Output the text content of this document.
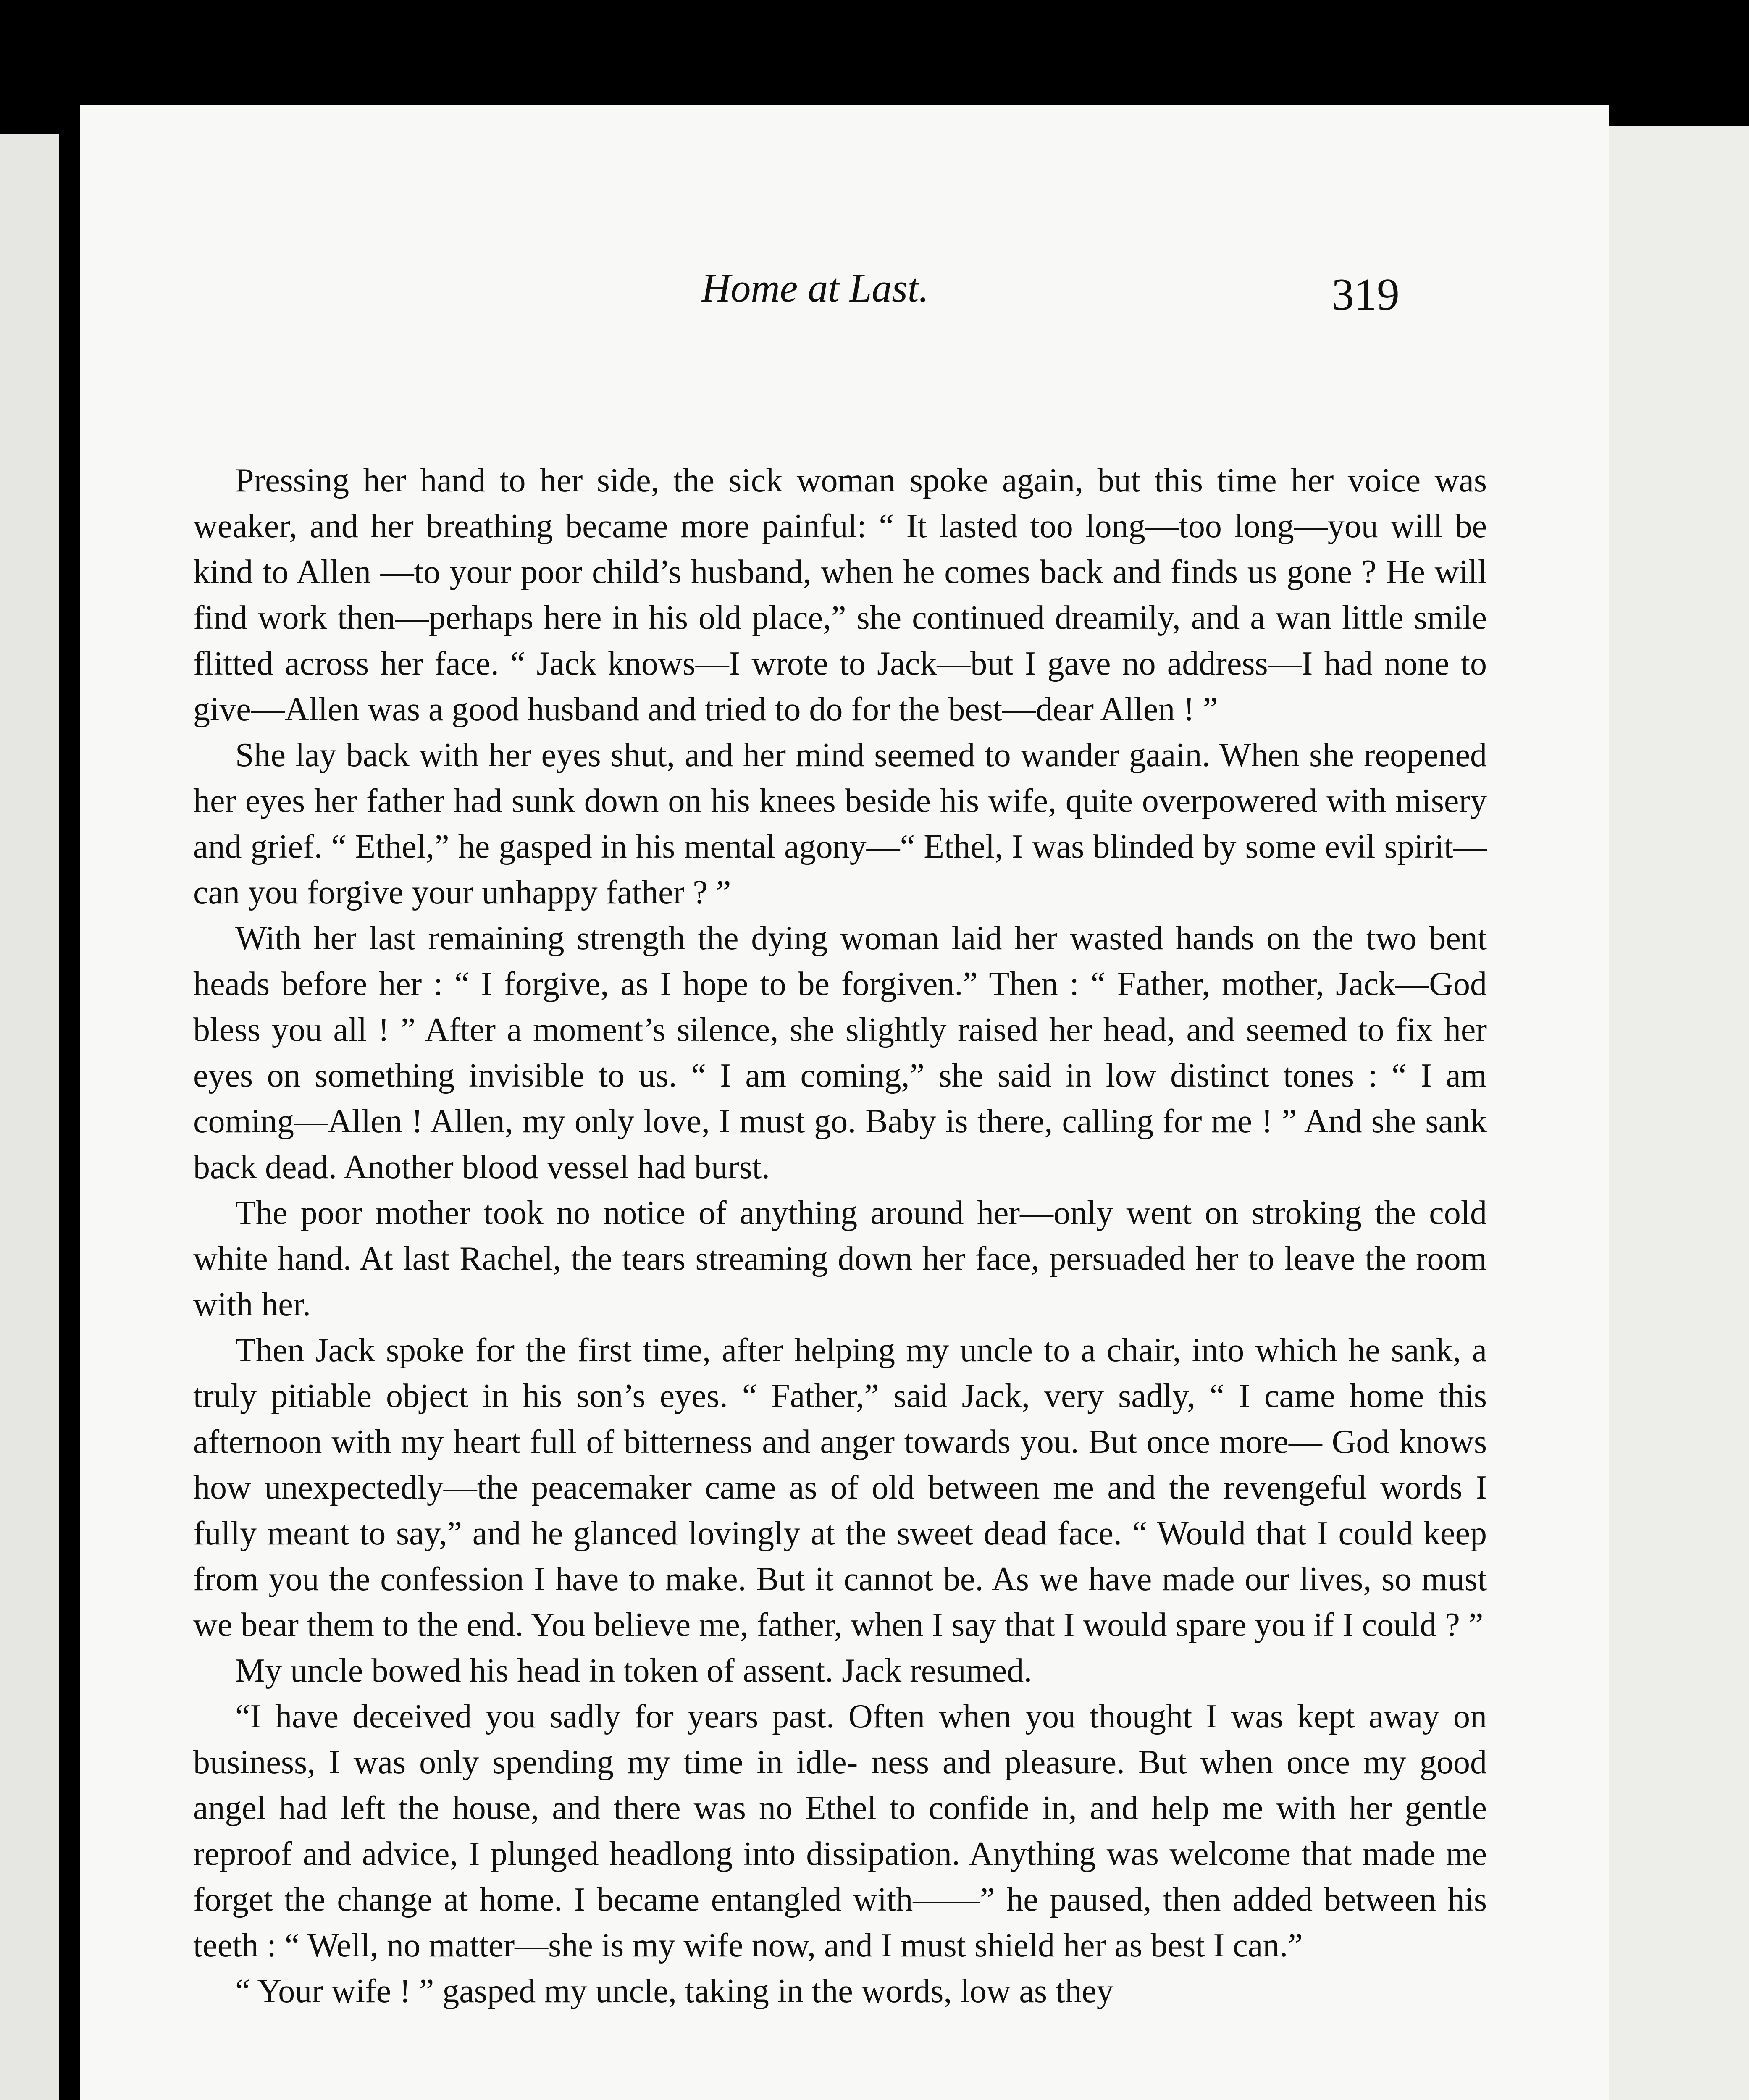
Home at Last.	319

Pressing her hand to her side, the sick woman spoke again, but this time her voice was weaker, and her breathing became more painful: “ It lasted too long—too long—you will be kind to Allen —to your poor child’s husband, when he comes back and finds us gone ? He will find work then—perhaps here in his old place,” she continued dreamily, and a wan little smile flitted across her face. “ Jack knows—I wrote to Jack—but I gave no address—I had none to give—Allen was a good husband and tried to do for the best—dear Allen ! ”

She lay back with her eyes shut, and her mind seemed to wander gaain. When she reopened her eyes her father had sunk down on his knees beside his wife, quite overpowered with misery and grief. “ Ethel,” he gasped in his mental agony—“ Ethel, I was blinded by some evil spirit—can you forgive your unhappy father ? ”

With her last remaining strength the dying woman laid her wasted hands on the two bent heads before her : “ I forgive, as I hope to be forgiven.” Then : “ Father, mother, Jack—God bless you all ! ” After a moment’s silence, she slightly raised her head, and seemed to fix her eyes on something invisible to us. “ I am coming,” she said in low distinct tones : “ I am coming—Allen ! Allen, my only love, I must go. Baby is there, calling for me ! ” And she sank back dead. Another blood vessel had burst.

The poor mother took no notice of anything around her—only went on stroking the cold white hand. At last Rachel, the tears streaming down her face, persuaded her to leave the room with her.

Then Jack spoke for the first time, after helping my uncle to a chair, into which he sank, a truly pitiable object in his son’s eyes. “ Father,” said Jack, very sadly, “ I came home this afternoon with my heart full of bitterness and anger towards you. But once more— God knows how unexpectedly—the peacemaker came as of old between me and the revengeful words I fully meant to say,” and he glanced lovingly at the sweet dead face. “ Would that I could keep from you the confession I have to make. But it cannot be. As we have made our lives, so must we bear them to the end. You believe me, father, when I say that I would spare you if I could ? ”

My uncle bowed his head in token of assent. Jack resumed.

“I have deceived you sadly for years past. Often when you thought I was kept away on business, I was only spending my time in idle- ness and pleasure. But when once my good angel had left the house, and there was no Ethel to confide in, and help me with her gentle reproof and advice, I plunged headlong into dissipation. Anything was welcome that made me forget the change at home. I became entangled with——” he paused, then added between his teeth : “ Well, no matter—she is my wife now, and I must shield her as best I can.”

“ Your wife ! ” gasped my uncle, taking in the words, low as they
